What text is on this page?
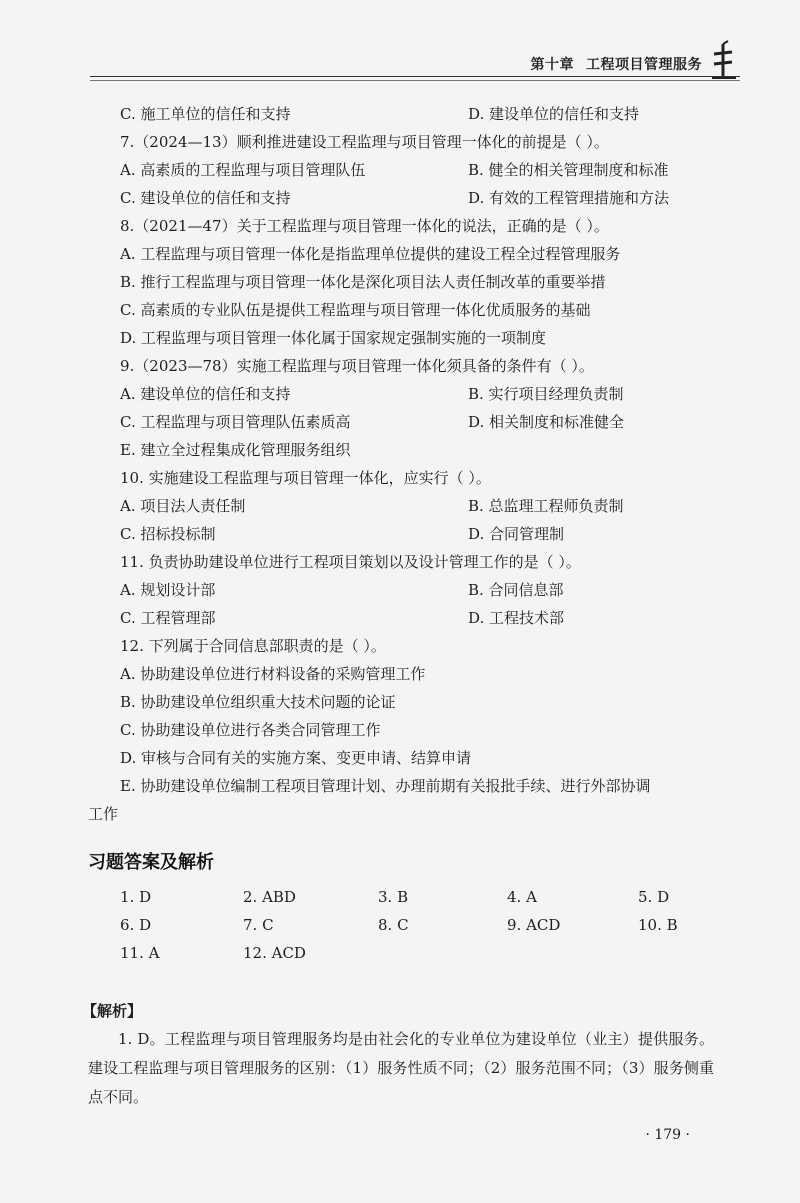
第十章 工程项目管理服务
C. 施工单位的信任和支持	D. 建设单位的信任和支持
7.（2024—13）顺利推进建设工程监理与项目管理一体化的前提是（ ）。
A. 高素质的工程监理与项目管理队伍	B. 健全的相关管理制度和标准
C. 建设单位的信任和支持	D. 有效的工程管理措施和方法
8.（2021—47）关于工程监理与项目管理一体化的说法，正确的是（ ）。
A. 工程监理与项目管理一体化是指监理单位提供的建设工程全过程管理服务
B. 推行工程监理与项目管理一体化是深化项目法人责任制改革的重要举措
C. 高素质的专业队伍是提供工程监理与项目管理一体化优质服务的基础
D. 工程监理与项目管理一体化属于国家规定强制实施的一项制度
9.（2023—78）实施工程监理与项目管理一体化须具备的条件有（ ）。
A. 建设单位的信任和支持	B. 实行项目经理负责制
C. 工程监理与项目管理队伍素质高	D. 相关制度和标准健全
E. 建立全过程集成化管理服务组织
10. 实施建设工程监理与项目管理一体化，应实行（ ）。
A. 项目法人责任制	B. 总监理工程师负责制
C. 招标投标制	D. 合同管理制
11. 负责协助建设单位进行工程项目策划以及设计管理工作的是（ ）。
A. 规划设计部	B. 合同信息部
C. 工程管理部	D. 工程技术部
12. 下列属于合同信息部职责的是（ ）。
A. 协助建设单位进行材料设备的采购管理工作
B. 协助建设单位组织重大技术问题的论证
C. 协助建设单位进行各类合同管理工作
D. 审核与合同有关的实施方案、变更申请、结算申请
E. 协助建设单位编制工程项目管理计划、办理前期有关报批手续、进行外部协调
工作
习题答案及解析
1. D	2. ABD	3. B	4. A	5. D
6. D	7. C	8. C	9. ACD	10. B
11. A	12. ACD
【解析】
1. D。工程监理与项目管理服务均是由社会化的专业单位为建设单位（业主）提供服务。建设工程监理与项目管理服务的区别：（1）服务性质不同；（2）服务范围不同；（3）服务侧重点不同。
· 179 ·
